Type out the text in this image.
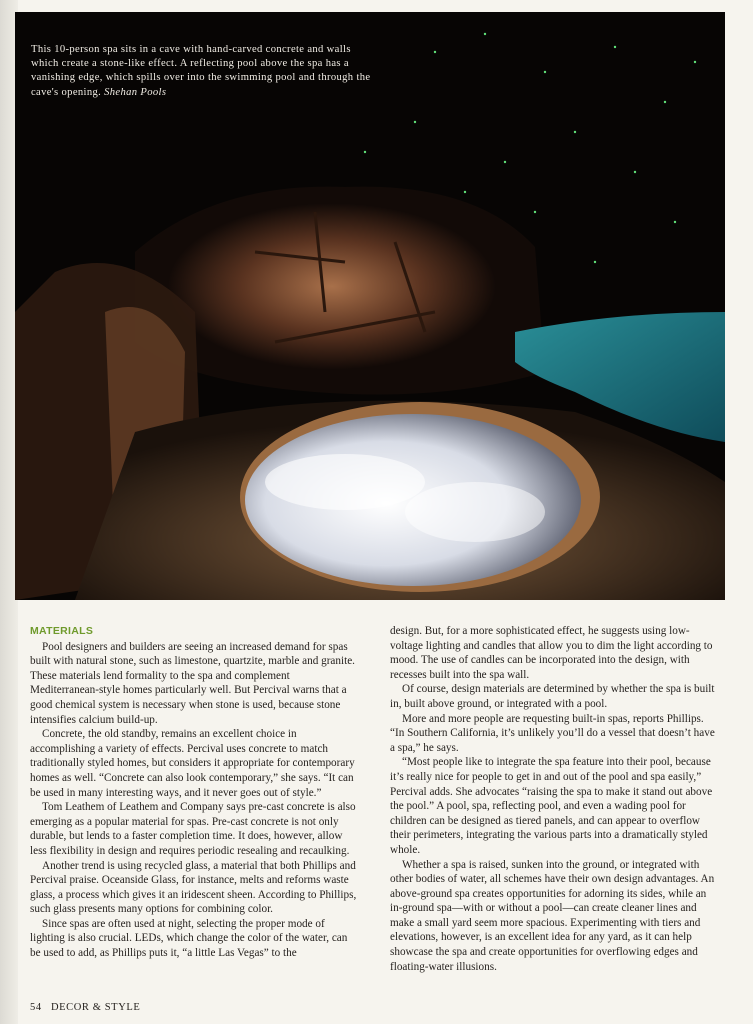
This 10-person spa sits in a cave with hand-carved concrete and walls which create a stone-like effect. A reflecting pool above the spa has a vanishing edge, which spills over into the swimming pool and through the cave's opening. Shehan Pools
MATERIALS

Pool designers and builders are seeing an increased demand for spas built with natural stone, such as limestone, quartzite, marble and granite. These materials lend formality to the spa and complement Mediterranean-style homes particularly well. But Percival warns that a good chemical system is necessary when stone is used, because stone intensifies calcium build-up.

Concrete, the old standby, remains an excellent choice in accomplishing a variety of effects. Percival uses concrete to match traditionally styled homes, but considers it appropriate for contemporary homes as well. “Concrete can also look contemporary,” she says. “It can be used in many interesting ways, and it never goes out of style.”

Tom Leathem of Leathem and Company says pre-cast concrete is also emerging as a popular material for spas. Pre-cast concrete is not only durable, but lends to a faster completion time. It does, however, allow less flexibility in design and requires periodic resealing and recaulking.

Another trend is using recycled glass, a material that both Phillips and Percival praise. Oceanside Glass, for instance, melts and reforms waste glass, a process which gives it an iridescent sheen. According to Phillips, such glass presents many options for combining color.

Since spas are often used at night, selecting the proper mode of lighting is also crucial. LEDs, which change the color of the water, can be used to add, as Phillips puts it, “a little Las Vegas” to the

design. But, for a more sophisticated effect, he suggests using low-voltage lighting and candles that allow you to dim the light according to mood. The use of candles can be incorporated into the design, with recesses built into the spa wall.

Of course, design materials are determined by whether the spa is built in, built above ground, or integrated with a pool.

More and more people are requesting built-in spas, reports Phillips. “In Southern California, it’s unlikely you’ll do a vessel that doesn’t have a spa,” he says.

“Most people like to integrate the spa feature into their pool, because it’s really nice for people to get in and out of the pool and spa easily,” Percival adds. She advocates “raising the spa to make it stand out above the pool.” A pool, spa, reflecting pool, and even a wading pool for children can be designed as tiered panels, and can appear to overflow their perimeters, integrating the various parts into a dramatically styled whole.

Whether a spa is raised, sunken into the ground, or integrated with other bodies of water, all schemes have their own design advantages. An above-ground spa creates opportunities for adorning its sides, while an in-ground spa—with or without a pool—can create cleaner lines and make a small yard seem more spacious. Experimenting with tiers and elevations, however, is an excellent idea for any yard, as it can help showcase the spa and create opportunities for overflowing edges and floating-water illusions.

54 DECOR & STYLE
